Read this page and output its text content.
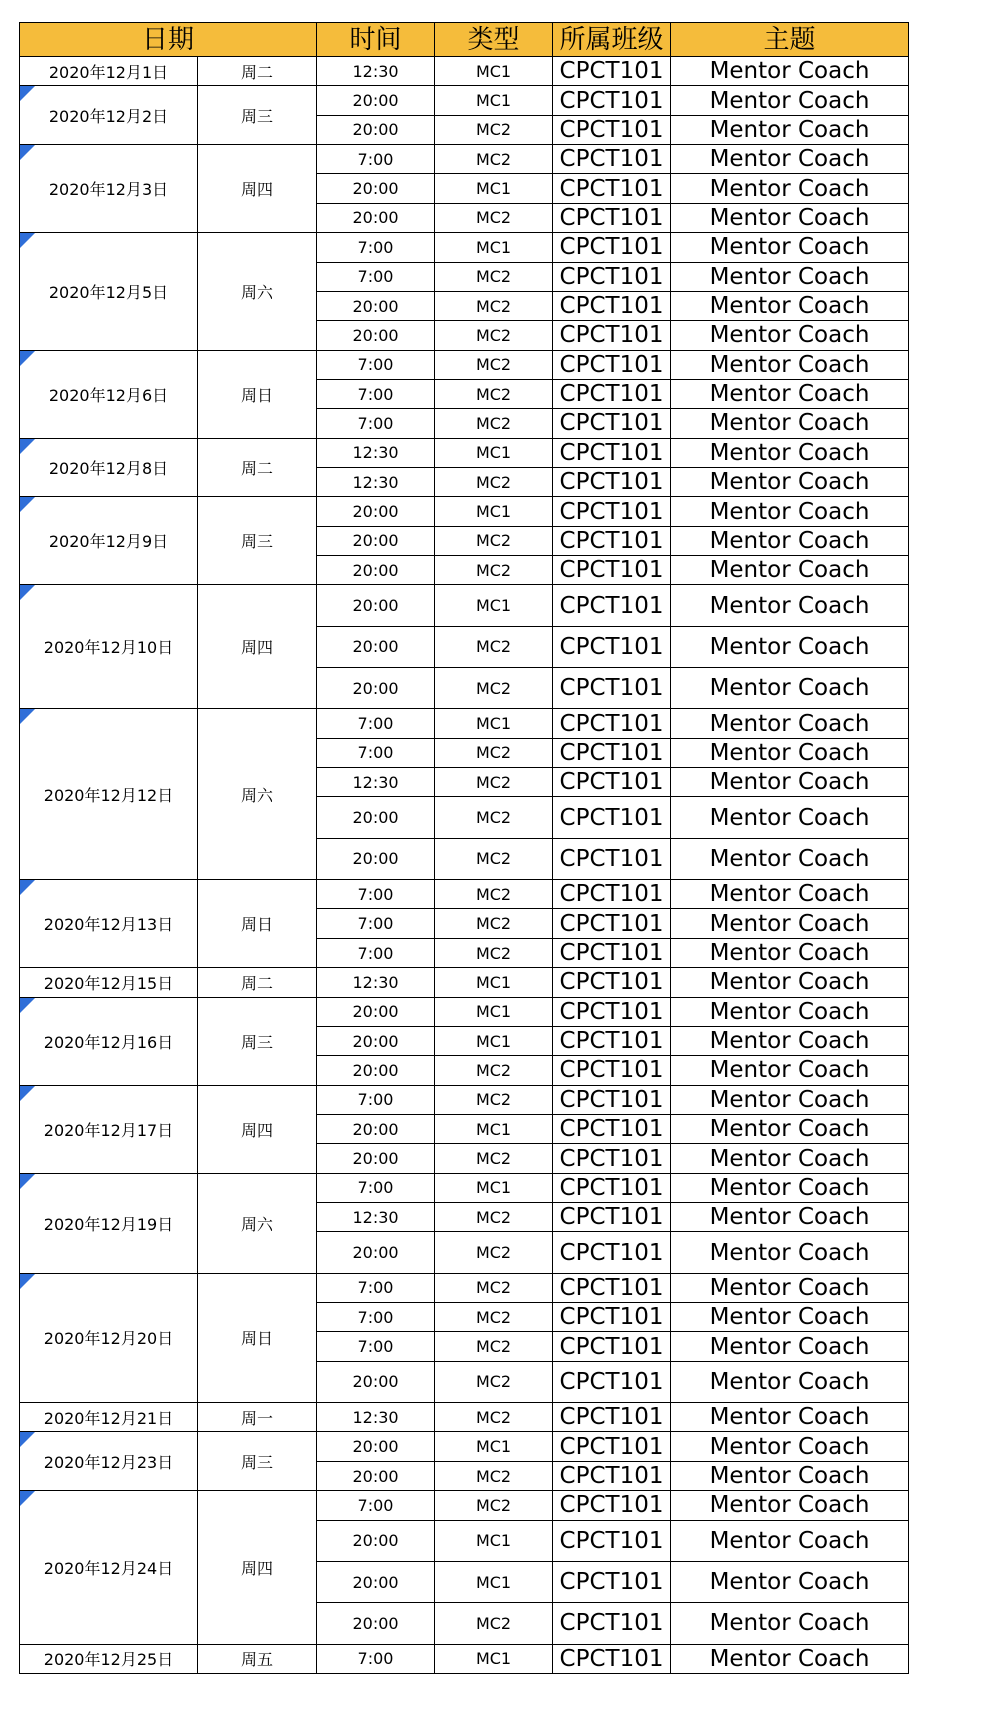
日期		时间	类型	所属班级	主题
2020年12月1日	周二	12:30	MC1	CPCT101	Mentor Coach

2020年12月2日	周三	20:00	MC1	CPCT101	Mentor Coach
		20:00	MC2	CPCT101	Mentor Coach

2020年12月3日	周四	7:00	MC2	CPCT101	Mentor Coach
		20:00	MC1	CPCT101	Mentor Coach
		20:00	MC2	CPCT101	Mentor Coach

2020年12月5日	周六	7:00	MC1	CPCT101	Mentor Coach
		7:00	MC2	CPCT101	Mentor Coach
		20:00	MC2	CPCT101	Mentor Coach
		20:00	MC2	CPCT101	Mentor Coach

2020年12月6日	周日	7:00	MC2	CPCT101	Mentor Coach
		7:00	MC2	CPCT101	Mentor Coach
		7:00	MC2	CPCT101	Mentor Coach

2020年12月8日	周二	12:30	MC1	CPCT101	Mentor Coach
		12:30	MC2	CPCT101	Mentor Coach

2020年12月9日	周三	20:00	MC1	CPCT101	Mentor Coach
		20:00	MC2	CPCT101	Mentor Coach
		20:00	MC2	CPCT101	Mentor Coach

2020年12月10日	周四	20:00	MC1	CPCT101	Mentor Coach
		20:00	MC2	CPCT101	Mentor Coach
		20:00	MC2	CPCT101	Mentor Coach

2020年12月12日	周六	7:00	MC1	CPCT101	Mentor Coach
		7:00	MC2	CPCT101	Mentor Coach
		12:30	MC2	CPCT101	Mentor Coach
		20:00	MC2	CPCT101	Mentor Coach
		20:00	MC2	CPCT101	Mentor Coach

2020年12月13日	周日	7:00	MC2	CPCT101	Mentor Coach
		7:00	MC2	CPCT101	Mentor Coach
		7:00	MC2	CPCT101	Mentor Coach
2020年12月15日	周二	12:30	MC1	CPCT101	Mentor Coach

2020年12月16日	周三	20:00	MC1	CPCT101	Mentor Coach
		20:00	MC1	CPCT101	Mentor Coach
		20:00	MC2	CPCT101	Mentor Coach

2020年12月17日	周四	7:00	MC2	CPCT101	Mentor Coach
		20:00	MC1	CPCT101	Mentor Coach
		20:00	MC2	CPCT101	Mentor Coach

2020年12月19日	周六	7:00	MC1	CPCT101	Mentor Coach
		12:30	MC2	CPCT101	Mentor Coach
		20:00	MC2	CPCT101	Mentor Coach

2020年12月20日	周日	7:00	MC2	CPCT101	Mentor Coach
		7:00	MC2	CPCT101	Mentor Coach
		7:00	MC2	CPCT101	Mentor Coach
		20:00	MC2	CPCT101	Mentor Coach
2020年12月21日	周一	12:30	MC2	CPCT101	Mentor Coach

2020年12月23日	周三	20:00	MC1	CPCT101	Mentor Coach
		20:00	MC2	CPCT101	Mentor Coach

2020年12月24日	周四	7:00	MC2	CPCT101	Mentor Coach
		20:00	MC1	CPCT101	Mentor Coach
		20:00	MC1	CPCT101	Mentor Coach
		20:00	MC2	CPCT101	Mentor Coach
2020年12月25日	周五	7:00	MC1	CPCT101	Mentor Coach
